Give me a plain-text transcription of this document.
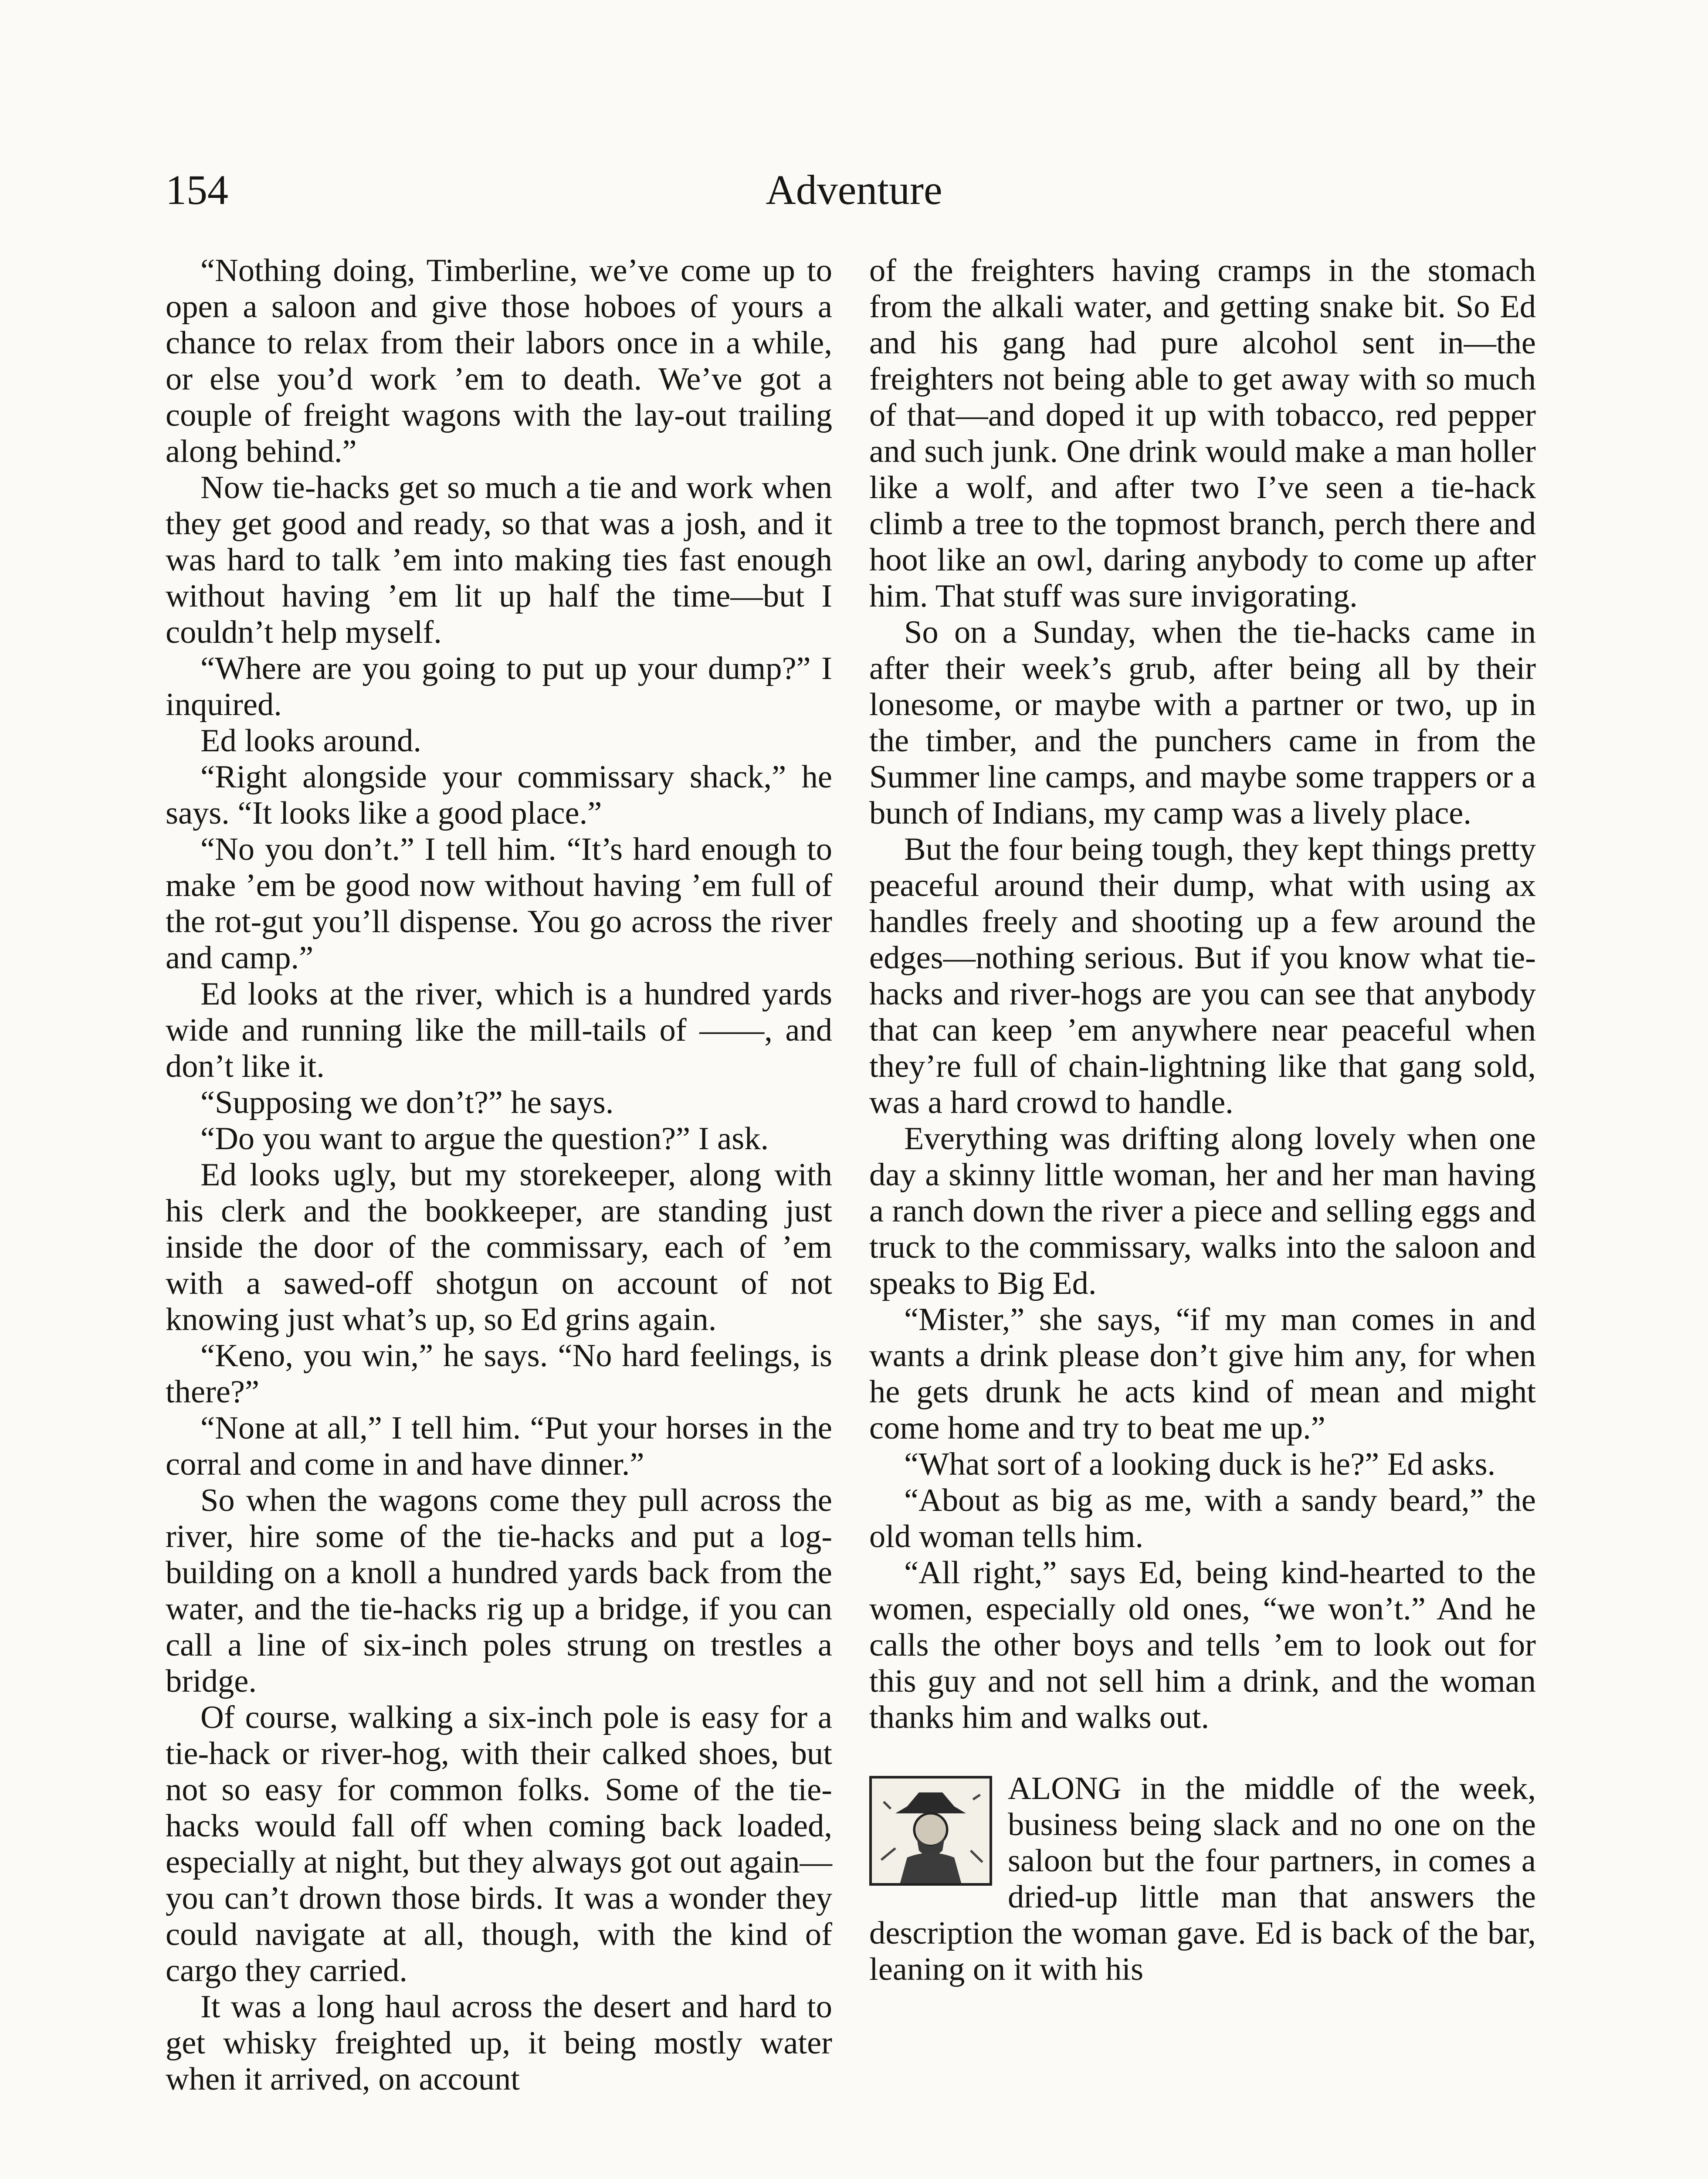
154	Adventure

“Nothing doing, Timberline, we’ve come up to open a saloon and give those hoboes of yours a chance to relax from their labors once in a while, or else you’d work ’em to death. We’ve got a couple of freight wagons with the lay-out trailing along behind.”

Now tie-hacks get so much a tie and work when they get good and ready, so that was a josh, and it was hard to talk ’em into making ties fast enough without having ’em lit up half the time—but I couldn’t help myself.

“Where are you going to put up your dump?” I inquired.

Ed looks around.

“Right alongside your commissary shack,” he says. “It looks like a good place.”

“No you don’t.” I tell him. “It’s hard enough to make ’em be good now without having ’em full of the rot-gut you’ll dispense. You go across the river and camp.”

Ed looks at the river, which is a hundred yards wide and running like the mill-tails of ——, and don’t like it.

“Supposing we don’t?” he says.

“Do you want to argue the question?” I ask.

Ed looks ugly, but my storekeeper, along with his clerk and the bookkeeper, are standing just inside the door of the commissary, each of ’em with a sawed-off shotgun on account of not knowing just what’s up, so Ed grins again.

“Keno, you win,” he says. “No hard feelings, is there?”

“None at all,” I tell him. “Put your horses in the corral and come in and have dinner.”

So when the wagons come they pull across the river, hire some of the tie-hacks and put a log-building on a knoll a hundred yards back from the water, and the tie-hacks rig up a bridge, if you can call a line of six-inch poles strung on trestles a bridge.

Of course, walking a six-inch pole is easy for a tie-hack or river-hog, with their calked shoes, but not so easy for common folks. Some of the tie-hacks would fall off when coming back loaded, especially at night, but they always got out again—you can’t drown those birds. It was a wonder they could navigate at all, though, with the kind of cargo they carried.

It was a long haul across the desert and hard to get whisky freighted up, it being mostly water when it arrived, on account

of the freighters having cramps in the stomach from the alkali water, and getting snake bit. So Ed and his gang had pure alcohol sent in—the freighters not being able to get away with so much of that—and doped it up with tobacco, red pepper and such junk. One drink would make a man holler like a wolf, and after two I’ve seen a tie-hack climb a tree to the topmost branch, perch there and hoot like an owl, daring anybody to come up after him. That stuff was sure invigorating.

So on a Sunday, when the tie-hacks came in after their week’s grub, after being all by their lonesome, or maybe with a partner or two, up in the timber, and the punchers came in from the Summer line camps, and maybe some trappers or a bunch of Indians, my camp was a lively place.

But the four being tough, they kept things pretty peaceful around their dump, what with using ax handles freely and shooting up a few around the edges—nothing serious. But if you know what tie-hacks and river-hogs are you can see that anybody that can keep ’em anywhere near peaceful when they’re full of chain-lightning like that gang sold, was a hard crowd to handle.

Everything was drifting along lovely when one day a skinny little woman, her and her man having a ranch down the river a piece and selling eggs and truck to the commissary, walks into the saloon and speaks to Big Ed.

“Mister,” she says, “if my man comes in and wants a drink please don’t give him any, for when he gets drunk he acts kind of mean and might come home and try to beat me up.”

“What sort of a looking duck is he?” Ed asks.

“About as big as me, with a sandy beard,” the old woman tells him.

“All right,” says Ed, being kind-hearted to the women, especially old ones, “we won’t.” And he calls the other boys and tells ’em to look out for this guy and not sell him a drink, and the woman thanks him and walks out.

ALONG in the middle of the week, business being slack and no one on the saloon but the four partners, in comes a dried-up little man that answers the description the woman gave. Ed is back of the bar, leaning on it with his
